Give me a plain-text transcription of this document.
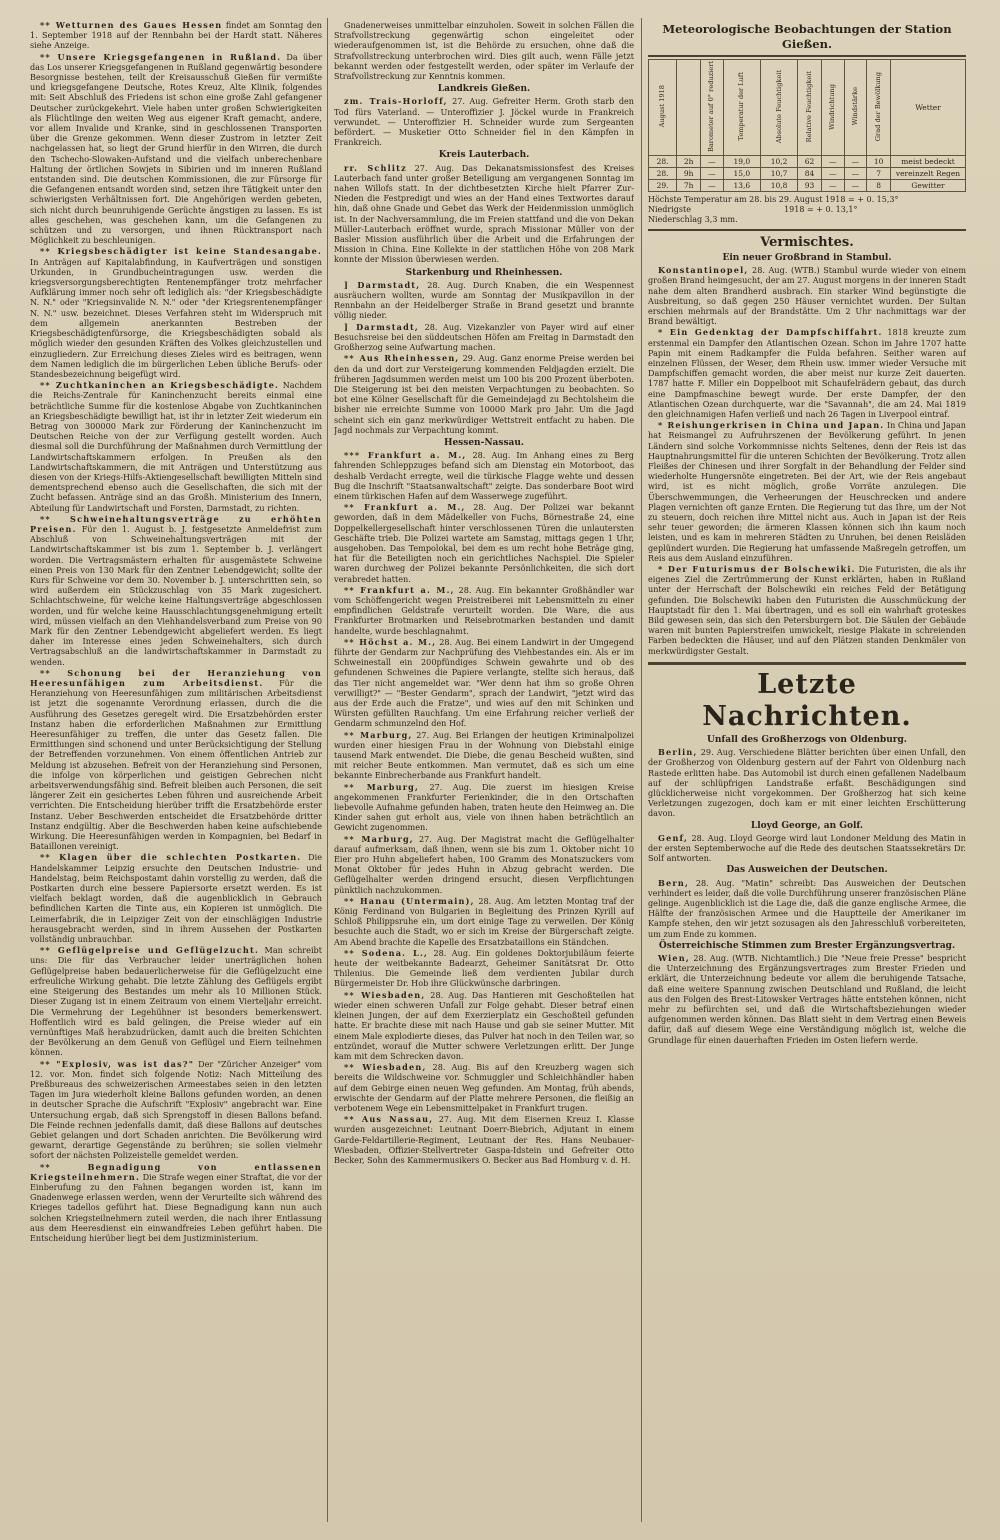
** Wetturnen des Gaues Hessen findet am Sonntag den 1. September 1918 auf der Rennbahn bei der Hardt statt. Näheres siehe Anzeige.

** Unsere Kriegsgefangenen in Rußland. Da über das Los unserer Kriegsgefangenen in Rußland gegenwärtig besondere Besorgnisse bestehen, teilt der Kreisausschuß Gießen für vermißte und kriegsgefangene Deutsche, Rotes Kreuz, Alte Klinik, folgendes mit: Seit Abschluß des Friedens ist schon eine große Zahl gefangener Deutscher zurückgekehrt. Viele haben unter großen Schwierigkeiten als Flüchtlinge den weiten Weg aus eigener Kraft gemacht, andere, vor allem Invalide und Kranke, sind in geschlossenen Transporten über die Grenze gekommen. Wenn dieser Zustrom in letzter Zeit nachgelassen hat, so liegt der Grund hierfür in den Wirren, die durch den Tschecho-Slowaken-Aufstand und die vielfach unberechenbare Haltung der örtlichen Sowjets in Sibirien und im inneren Rußland entstanden sind. Die deutschen Kommissionen, die zur Fürsorge für die Gefangenen entsandt worden sind, setzen ihre Tätigkeit unter den schwierigsten Verhältnissen fort. Die Angehörigen werden gebeten, sich nicht durch beunruhigende Gerüchte ängstigen zu lassen. Es ist alles geschehen, was geschehen kann, um die Gefangenen zu schützen und zu versorgen, und ihnen Rücktransport nach Möglichkeit zu beschleunigen.

** Kriegsbeschädigter ist keine Standesangabe. In Anträgen auf Kapitalabfindung, in Kaufverträgen und sonstigen Urkunden, in Grundbucheintragungen usw. werden die kriegsversorgungsberechtigten Rentenempfänger trotz mehrfacher Aufklärung immer noch sehr oft lediglich als: "der Kriegsbeschädigte N. N." oder "Kriegsinvalide N. N." oder "der Kriegsrentenempfänger N. N." usw. bezeichnet. Dieses Verfahren steht im Widerspruch mit dem allgemein anerkannten Bestreben der Kriegsbeschädigtenfürsorge, die Kriegsbeschädigten sobald als möglich wieder den gesunden Kräften des Volkes gleichzustellen und einzugliedern. Zur Erreichung dieses Zieles wird es beitragen, wenn dem Namen lediglich die im bürgerlichen Leben übliche Berufs- oder Standesbezeichnung beigefügt wird.

** Zuchtkaninchen an Kriegsbeschädigte. Nachdem die Reichs-Zentrale für Kaninchenzucht bereits einmal eine beträchtliche Summe für die kostenlose Abgabe von Zuchtkaninchen an Kriegsbeschädigte bewilligt hat, ist ihr in letzter Zeit wiederum ein Betrag von 300000 Mark zur Förderung der Kaninchenzucht im Deutschen Reiche von der zur Verfügung gestellt worden. Auch diesmal soll die Durchführung der Maßnahmen durch Vermittlung der Landwirtschaftskammern erfolgen. In Preußen als den Landwirtschaftskammern, die mit Anträgen und Unterstützung aus diesen von der Kriegs-Hilfs-Aktiengesellschaft bewilligten Mitteln sind dementsprechend ebenso auch die Gesellschaften, die sich mit der Zucht befassen. Anträge sind an das Großh. Ministerium des Innern, Abteilung für Landwirtschaft und Forsten, Darmstadt, zu richten.

** Schweinehaltungsverträge zu erhöhten Preisen. Für den 1. August b. J. festgesetzte Anmeldefrist zum Abschluß von Schweinehaltungsverträgen mit der Landwirtschaftskammer ist bis zum 1. September b. J. verlängert worden. Die Vertragsmästern erhalten für ausgemästete Schweine einen Preis von 130 Mark für den Zentner Lebendgewicht; sollte der Kurs für Schweine vor dem 30. November b. J. unterschritten sein, so wird außerdem ein Stückzuschlag von 35 Mark zugesichert. Schlachtschweine, für welche keine Haltungsverträge abgeschlossen worden, und für welche keine Hausschlachtungsgenehmigung erteilt wird, müssen vielfach an den Viehhandelsverband zum Preise von 90 Mark für den Zentner Lebendgewicht abgeliefert werden. Es liegt daher im Interesse eines jeden Schweinehalters, sich durch Vertragsabschluß an die landwirtschaftskammer in Darmstadt zu wenden.

** Schonung bei der Heranziehung von Heeresunfähigen zum Arbeitsdienst. Für die Heranziehung von Heeresunfähigen zum militärischen Arbeitsdienst ist jetzt die sogenannte Verordnung erlassen, durch die die Ausführung des Gesetzes geregelt wird. Die Ersatzbehörden erster Instanz haben die erforderlichen Maßnahmen zur Ermittlung Heeresunfähiger zu treffen, die unter das Gesetz fallen. Die Ermittlungen sind schonend und unter Berücksichtigung der Stellung der Betreffenden vorzunehmen. Von einem öffentlichen Antrieb zur Meldung ist abzusehen. Befreit von der Heranziehung sind Personen, die infolge von körperlichen und geistigen Gebrechen nicht arbeitsverwendungsfähig sind. Befreit bleiben auch Personen, die seit längerer Zeit ein gesichertes Leben führen und ausreichende Arbeit verrichten. Die Entscheidung hierüber trifft die Ersatzbehörde erster Instanz. Ueber Beschwerden entscheidet die Ersatzbehörde dritter Instanz endgültig. Aber die Beschwerden haben keine aufschiebende Wirkung. Die Heeresunfähigen werden in Kompagnien, bei Bedarf in Bataillonen vereinigt.

** Klagen über die schlechten Postkarten. Die Handelskammer Leipzig ersuchte den Deutschen Industrie- und Handelstag, beim Reichspostamt dahin vorstellig zu werden, daß die Postkarten durch eine bessere Papiersorte ersetzt werden. Es ist vielfach beklagt worden, daß die augenblicklich in Gebrauch befindlichen Karten die Tinte aus, ein Kopieren ist unmöglich. Die Leimerfabrik, die in Leipziger Zeit von der einschlägigen Industrie herausgebracht werden, sind in ihrem Aussehen der Postkarten vollständig unbrauchbar.

** Geflügelpreise und Geflügelzucht. Man schreibt uns: Die für das Verbraucher leider unerträglichen hohen Geflügelpreise haben bedauerlicherweise für die Geflügelzucht eine erfreuliche Wirkung gehabt. Die letzte Zählung des Geflügels ergibt eine Steigerung des Bestandes um mehr als 10 Millionen Stück. Dieser Zugang ist in einem Zeitraum von einem Vierteljahr erreicht. Die Vermehrung der Legehühner ist besonders bemerkenswert. Hoffentlich wird es bald gelingen, die Preise wieder auf ein vernünftiges Maß herabzudrücken, damit auch die breiten Schichten der Bevölkerung an dem Genuß von Geflügel und Eiern teilnehmen können.

** "Explosiv, was ist das?" Der "Züricher Anzeiger" vom 12. vor. Mon. findet sich folgende Notiz: Nach Mitteilung des Preßbureaus des schweizerischen Armeestabes seien in den letzten Tagen im Jura wiederholt kleine Ballons gefunden worden, an denen in deutscher Sprache die Aufschrift "Explosiv" angebracht war. Eine Untersuchung ergab, daß sich Sprengstoff in diesen Ballons befand. Die Feinde rechnen jedenfalls damit, daß diese Ballons auf deutsches Gebiet gelangen und dort Schaden anrichten. Die Bevölkerung wird gewarnt, derartige Gegenstände zu berühren; sie sollen vielmehr sofort der nächsten Polizeistelle gemeldet werden.

** Begnadigung von entlassenen Kriegsteilnehmern. Die Strafe wegen einer Straftat, die vor der Einberufung zu den Fahnen begangen worden ist, kann im Gnadenwege erlassen werden, wenn der Verurteilte sich während des Krieges tadellos geführt hat. Diese Begnadigung kann nun auch solchen Kriegsteilnehmern zuteil werden, die nach ihrer Entlassung aus dem Heeresdienst ein einwandfreies Leben geführt haben. Die Entscheidung hierüber liegt bei dem Justizministerium.

Gnadenerweises unmittelbar einzuholen. Soweit in solchen Fällen die Strafvollstreckung gegenwärtig schon eingeleitet oder wiederaufgenommen ist, ist die Behörde zu ersuchen, ohne daß die Strafvollstreckung unterbrochen wird. Dies gilt auch, wenn Fälle jetzt bekannt werden oder festgestellt werden, oder später im Verlaufe der Strafvollstreckung zur Kenntnis kommen.

Landkreis Gießen.

zm. Trais-Horloff, 27. Aug. Gefreiter Herm. Groth starb den Tod fürs Vaterland. — Unteroffizier J. Jöckel wurde in Frankreich verwundet. — Unteroffizier H. Schneider wurde zum Sergeanten befördert. — Musketier Otto Schneider fiel in den Kämpfen in Frankreich.

Kreis Lauterbach.

rr. Schlitz 27. Aug. Das Dekanatsmissionsfest des Kreises Lauterbach fand unter großer Beteiligung am vergangenen Sonntag im nahen Willofs statt. In der dichtbesetzten Kirche hielt Pfarrer Zur-Nieden die Festpredigt und wies an der Hand eines Textwortes darauf hin, daß ohne Gnade und Gebet das Werk der Heidenmission unmöglich ist. In der Nachversammlung, die im Freien stattfand und die von Dekan Müller-Lauterbach eröffnet wurde, sprach Missionar Müller von der Basler Mission ausführlich über die Arbeit und die Erfahrungen der Mission in China. Eine Kollekte in der stattlichen Höhe von 208 Mark konnte der Mission überwiesen werden.

Starkenburg und Rheinhessen.

] Darmstadt, 28. Aug. Durch Knaben, die ein Wespennest ausräuchern wollten, wurde am Sonntag der Musikpavillon in der Rennbahn an der Heidelberger Straße in Brand gesetzt und brannte völlig nieder.

] Darmstadt, 28. Aug. Vizekanzler von Payer wird auf einer Besuchsreise bei den süddeutschen Höfen am Freitag in Darmstadt den Großherzog seine Aufwartung machen.

** Aus Rheinhessen, 29. Aug. Ganz enorme Preise werden bei den da und dort zur Versteigerung kommenden Feldjagden erzielt. Die früheren Jagdsummen werden meist um 100 bis 200 Prozent überboten. Die Steigerung ist bei den meisten Verpachtungen zu beobachten. So bot eine Kölner Gesellschaft für die Gemeindejagd zu Bechtolsheim die bisher nie erreichte Summe von 10000 Mark pro Jahr. Um die Jagd scheint sich ein ganz merkwürdiger Wettstreit entfacht zu haben. Die Jagd nochmals zur Verpachtung kommt.

Hessen-Nassau.

*** Frankfurt a. M., 28. Aug. Im Anhang eines zu Berg fahrenden Schleppzuges befand sich am Dienstag ein Motorboot, das deshalb Verdacht erregte, weil die türkische Flagge wehte und dessen Bug die Inschrift "Staatsanwaltschaft" zeigte. Das sonderbare Boot wird einem türkischen Hafen auf dem Wasserwege zugeführt.

** Frankfurt a. M., 28. Aug. Der Polizei war bekannt geworden, daß in dem Mädelkeller von Fuchs, Börnestraße 24, eine Doppelkellergesellschaft hinter verschlossenen Türen die unlautersten Geschäfte trieb. Die Polizei wartete am Samstag, mittags gegen 1 Uhr, ausgehoben. Das Tempolokal, bei dem es um recht hohe Beträge ging, hat für die Beteiligten noch ein gerichtliches Nachspiel. Die Spieler waren durchweg der Polizei bekannte Persönlichkeiten, die sich dort verabredet hatten.

** Frankfurt a. M., 28. Aug. Ein bekannter Großhändler war vom Schöffengericht wegen Preistreiberei mit Lebensmitteln zu einer empfindlichen Geldstrafe verurteilt worden. Die Ware, die aus Frankfurter Brotmarken und Reisebrotmarken bestanden und damit handelte, wurde beschlagnahmt.

** Höchst a. M., 28. Aug. Bei einem Landwirt in der Umgegend führte der Gendarm zur Nachprüfung des Viehbestandes ein. Als er im Schweinestall ein 200pfündiges Schwein gewahrte und ob des gefundenen Schweines die Papiere verlangte, stellte sich heraus, daß das Tier nicht angemeldet war. "Wer denn hat ihm so große Ohren verwilligt?" — "Bester Gendarm", sprach der Landwirt, "jetzt wird das aus der Erde auch die Fratze", und wies auf den mit Schinken und Würsten gefüllten Rauchfang. Um eine Erfahrung reicher verließ der Gendarm schmunzelnd den Hof.

** Marburg, 27. Aug. Bei Erlangen der heutigen Kriminalpolizei wurden einer hiesigen Frau in der Wohnung von Diebstahl einige tausend Mark entwendet. Die Diebe, die genau Bescheid wußten, sind mit reicher Beute entkommen. Man vermutet, daß es sich um eine bekannte Einbrecherbande aus Frankfurt handelt.

** Marburg, 27. Aug. Die zuerst im hiesigen Kreise angekommenen Frankfurter Ferienkinder, die in den Ortschaften liebevolle Aufnahme gefunden haben, traten heute den Heimweg an. Die Kinder sahen gut erholt aus, viele von ihnen haben beträchtlich an Gewicht zugenommen.

** Marburg, 27. Aug. Der Magistrat macht die Geflügelhalter darauf aufmerksam, daß ihnen, wenn sie bis zum 1. Oktober nicht 10 Eier pro Huhn abgeliefert haben, 100 Gramm des Monatszuckers vom Monat Oktober für jedes Huhn in Abzug gebracht werden. Die Geflügelhalter werden dringend ersucht, diesen Verpflichtungen pünktlich nachzukommen.

** Hanau (Untermain), 28. Aug. Am letzten Montag traf der König Ferdinand von Bulgarien in Begleitung des Prinzen Kyrill auf Schloß Philippsruhe ein, um dort einige Tage zu verweilen. Der König besuchte auch die Stadt, wo er sich im Kreise der Bürgerschaft zeigte. Am Abend brachte die Kapelle des Ersatzbataillons ein Ständchen.

** Sodena. L., 28. Aug. Ein goldenes Doktorjubiläum feierte heute der weitbekannte Badearzt, Geheimer Sanitätsrat Dr. Otto Thilenius. Die Gemeinde ließ dem verdienten Jubilar durch Bürgermeister Dr. Hob ihre Glückwünsche darbringen.

** Wiesbaden, 28. Aug. Das Hantieren mit Geschoßteilen hat wieder einen schweren Unfall zur Folge gehabt. Dieser betraf einen kleinen Jungen, der auf dem Exerzierplatz ein Geschoßteil gefunden hatte. Er brachte diese mit nach Hause und gab sie seiner Mutter. Mit einem Male explodierte dieses, das Pulver hat noch in den Teilen war, so entzündet, worauf die Mutter schwere Verletzungen erlitt. Der Junge kam mit dem Schrecken davon.

** Wiesbaden, 28. Aug. Bis auf den Kreuzberg wagen sich bereits die Wildschweine vor. Schmuggler und Schleichhändler haben auf dem Gebirge einen neuen Weg gefunden. Am Montag, früh abends, erwischte der Gendarm auf der Platte mehrere Personen, die fleißig an verbotenem Wege ein Lebensmittelpaket in Frankfurt trugen.

** Aus Nassau, 27. Aug. Mit dem Eisernen Kreuz I. Klasse wurden ausgezeichnet: Leutnant Doerr-Biebrich, Adjutant in einem Garde-Feldartillerie-Regiment, Leutnant der Res. Hans Neubauer-Wiesbaden, Offizier-Stellvertreter Gaspa-Idstein und Gefreiter Otto Becker, Sohn des Kammermusikers O. Becker aus Bad Homburg v. d. H.

Meteorologische Beobachtungen der Station Gießen.
August 1918		Barometer auf 0° reduziert	Temperatur der Luft	Absolute Feuchtigkeit	Relative Feuchtigkeit	Windrichtung	Windstärke	Grad der Bewölkung	Wetter
28.	2h	—	19,0	10,2	62	—	—	10	meist bedeckt
28.	9h	—	15,0	10,7	84	—	—	7	vereinzelt Regen
29.	7h	—	13,6	10,8	93	—	—	8	Gewitter

Höchste Temperatur am 28. bis 29. August 1918 = + 0. 15,3°

Niedrigste	1918 = + 0. 13,1°

Niederschlag 3,3 mm.

Vermischtes.
Ein neuer Großbrand in Stambul.

Konstantinopel, 28. Aug. (WTB.) Stambul wurde wieder von einem großen Brand heimgesucht, der am 27. August morgens in der inneren Stadt nahe dem alten Brandherd ausbrach. Ein starker Wind begünstigte die Ausbreitung, so daß gegen 250 Häuser vernichtet wurden. Der Sultan erschien mehrmals auf der Brandstätte. Um 2 Uhr nachmittags war der Brand bewältigt.

* Ein Gedenktag der Dampfschiffahrt. 1818 kreuzte zum erstenmal ein Dampfer den Atlantischen Ozean. Schon im Jahre 1707 hatte Papin mit einem Radkampfer die Fulda befahren. Seither waren auf einzelnen Flüssen, der Weser, dem Rhein usw. immer wieder Versuche mit Dampfschiffen gemacht worden, die aber meist nur kurze Zeit dauerten. 1787 hatte F. Miller ein Doppelboot mit Schaufelrädern gebaut, das durch eine Dampfmaschine bewegt wurde. Der erste Dampfer, der den Atlantischen Ozean durchquerte, war die "Savannah", die am 24. Mai 1819 den gleichnamigen Hafen verließ und nach 26 Tagen in Liverpool eintraf.

* Reishungerkrisen in China und Japan. In China und Japan hat Reismangel zu Aufruhrszenen der Bevölkerung geführt. In jenen Ländern sind solche Vorkommnisse nichts Seltenes, denn der Reis ist das Hauptnahrungsmittel für die unteren Schichten der Bevölkerung. Trotz allen Fleißes der Chinesen und ihrer Sorgfalt in der Behandlung der Felder sind wiederholte Hungersnöte eingetreten. Bei der Art, wie der Reis angebaut wird, ist es nicht möglich, große Vorräte anzulegen. Die Überschwemmungen, die Verheerungen der Heuschrecken und andere Plagen vernichten oft ganze Ernten. Die Regierung tut das Ihre, um der Not zu steuern, doch reichen ihre Mittel nicht aus. Auch in Japan ist der Reis sehr teuer geworden; die ärmeren Klassen können sich ihn kaum noch leisten, und es kam in mehreren Städten zu Unruhen, bei denen Reisläden geplündert wurden. Die Regierung hat umfassende Maßregeln getroffen, um Reis aus dem Ausland einzuführen.

* Der Futurismus der Bolschewiki. Die Futuristen, die als ihr eigenes Ziel die Zertrümmerung der Kunst erklärten, haben in Rußland unter der Herrschaft der Bolschewiki ein reiches Feld der Betätigung gefunden. Die Bolschewiki haben den Futuristen die Ausschmückung der Hauptstadt für den 1. Mai übertragen, und es soll ein wahrhaft groteskes Bild gewesen sein, das sich den Petersburgern bot. Die Säulen der Gebäude waren mit bunten Papierstreifen umwickelt, riesige Plakate in schreienden Farben bedeckten die Häuser, und auf den Plätzen standen Denkmäler von merkwürdigster Gestalt.

Letzte Nachrichten.
Unfall des Großherzogs von Oldenburg.

Berlin, 29. Aug. Verschiedene Blätter berichten über einen Unfall, den der Großherzog von Oldenburg gestern auf der Fahrt von Oldenburg nach Rastede erlitten habe. Das Automobil ist durch einen gefallenen Nadelbaum auf der schlüpfrigen Landstraße erfaßt. Beschädigungen sind glücklicherweise nicht vorgekommen. Der Großherzog hat sich keine Verletzungen zugezogen, doch kam er mit einer leichten Erschütterung davon.

Lloyd George, an Golf.

Genf, 28. Aug. Lloyd George wird laut Londoner Meldung des Matin in der ersten Septemberwoche auf die Rede des deutschen Staatssekretärs Dr. Solf antworten.

Das Ausweichen der Deutschen.

Bern, 28. Aug. "Matin" schreibt: Das Ausweichen der Deutschen verhindert es leider, daß die volle Durchführung unserer französischen Pläne gelinge. Augenblicklich ist die Lage die, daß die ganze englische Armee, die Hälfte der französischen Armee und die Hauptteile der Amerikaner im Kampfe stehen, den wir jetzt sozusagen als den Jahresschluß vorbereiteten, um zum Ende zu kommen.

Österreichische Stimmen zum Brester Ergänzungsvertrag.

Wien, 28. Aug. (WTB. Nichtamtlich.) Die "Neue freie Presse" bespricht die Unterzeichnung des Ergänzungsvertrages zum Brester Frieden und erklärt, die Unterzeichnung bedeute vor allem die beruhigende Tatsache, daß eine weitere Spannung zwischen Deutschland und Rußland, die leicht aus den Folgen des Brest-Litowsker Vertrages hätte entstehen können, nicht mehr zu befürchten sei, und daß die Wirtschaftsbeziehungen wieder aufgenommen werden können. Das Blatt sieht in dem Vertrag einen Beweis dafür, daß auf diesem Wege eine Verständigung möglich ist, welche die Grundlage für einen dauerhaften Frieden im Osten liefern werde.
